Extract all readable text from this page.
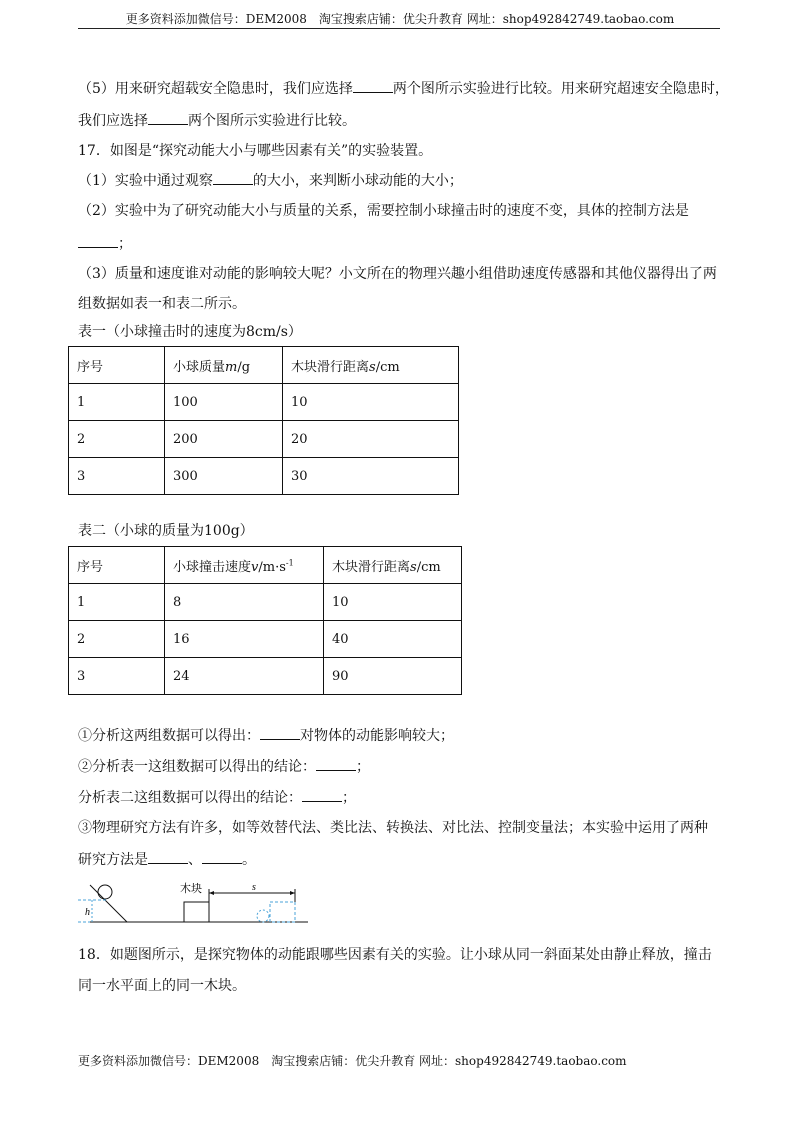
更多资料添加微信号：DEM2008　淘宝搜索店铺：优尖升教育 网址：shop492842749.taobao.com
（5）用来研究超载安全隐患时，我们应选择	两个图所示实验进行比较。用来研究超速安全隐患时，
我们应选择	两个图所示实验进行比较。
17．如图是“探究动能大小与哪些因素有关”的实验装置。
（1）实验中通过观察	的大小，来判断小球动能的大小；
（2）实验中为了研究动能大小与质量的关系，需要控制小球撞击时的速度不变，具体的控制方法是
；
（3）质量和速度谁对动能的影响较大呢？小文所在的物理兴趣小组借助速度传感器和其他仪器得出了两
组数据如表一和表二所示。
表一（小球撞击时的速度为8cm/s）
序号	小球质量m/g	木块滑行距离s/cm
1	100	10
2	200	20
3	300	30
表二（小球的质量为100g）
序号	小球撞击速度$v/m\cdot s^{-1}$	木块滑行距离s/cm
1	8	10
2	16	40
3	24	90
①分析这两组数据可以得出：	对物体的动能影响较大；
②分析表一这组数据可以得出的结论：	；
分析表二这组数据可以得出的结论：	；
③物理研究方法有许多，如等效替代法、类比法、转换法、对比法、控制变量法；本实验中运用了两种
研究方法是	、	。
h
木块	s
18．如题图所示，是探究物体的动能跟哪些因素有关的实验。让小球从同一斜面某处由静止释放，撞击
同一水平面上的同一木块。
更多资料添加微信号：DEM2008　淘宝搜索店铺：优尖升教育 网址：shop492842749.taobao.com
